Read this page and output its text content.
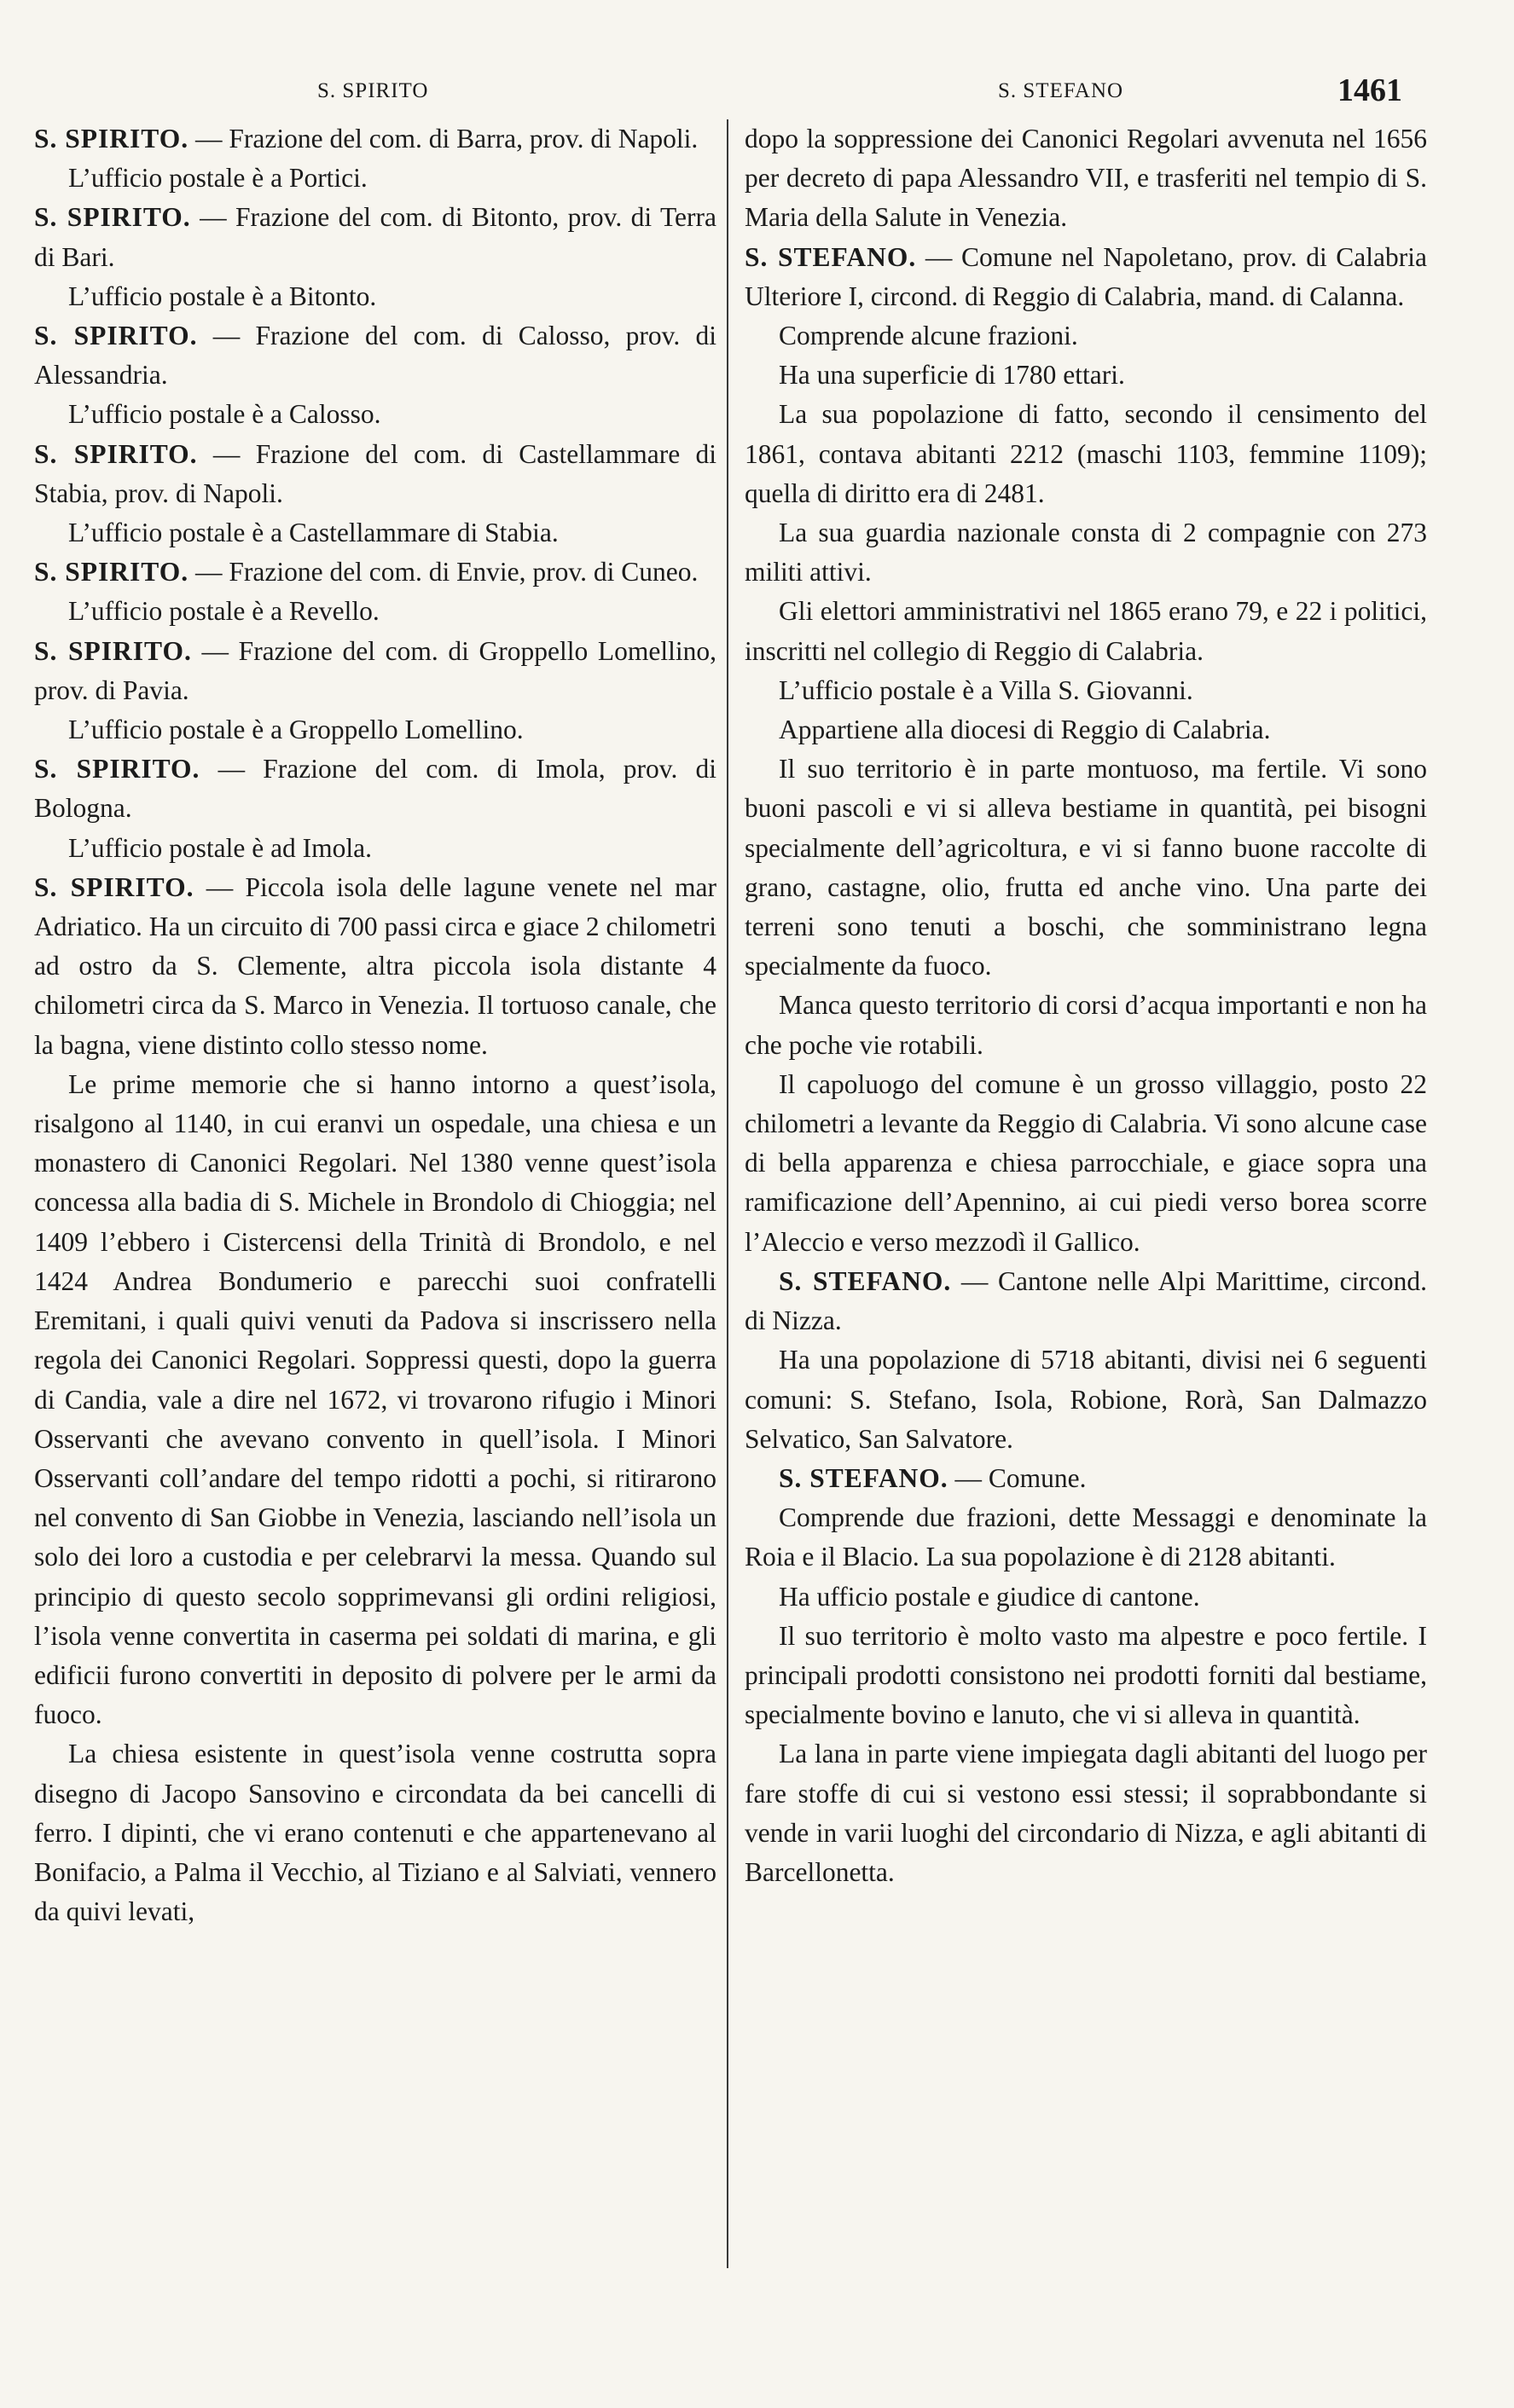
S. SPIRITO	S. STEFANO	1461

S. SPIRITO. — Frazione del com. di Barra, prov. di Napoli.

L’ufficio postale è a Portici.

S. SPIRITO. — Frazione del com. di Bitonto, prov. di Terra di Bari.

L’ufficio postale è a Bitonto.

S. SPIRITO. — Frazione del com. di Calosso, prov. di Alessandria.

L’ufficio postale è a Calosso.

S. SPIRITO. — Frazione del com. di Castellammare di Stabia, prov. di Napoli.

L’ufficio postale è a Castellammare di Stabia.

S. SPIRITO. — Frazione del com. di Envie, prov. di Cuneo.

L’ufficio postale è a Revello.

S. SPIRITO. — Frazione del com. di Groppello Lomellino, prov. di Pavia.

L’ufficio postale è a Groppello Lomellino.

S. SPIRITO. — Frazione del com. di Imola, prov. di Bologna.

L’ufficio postale è ad Imola.

S. SPIRITO. — Piccola isola delle lagune venete nel mar Adriatico. Ha un circuito di 700 passi circa e giace 2 chilometri ad ostro da S. Clemente, altra piccola isola distante 4 chilometri circa da S. Marco in Venezia. Il tortuoso canale, che la bagna, viene distinto collo stesso nome.

Le prime memorie che si hanno intorno a quest’isola, risalgono al 1140, in cui eranvi un ospedale, una chiesa e un monastero di Canonici Regolari. Nel 1380 venne quest’isola concessa alla badia di S. Michele in Brondolo di Chioggia; nel 1409 l’ebbero i Cistercensi della Trinità di Brondolo, e nel 1424 Andrea Bondumerio e parecchi suoi confratelli Eremitani, i quali quivi venuti da Padova si inscrissero nella regola dei Canonici Regolari. Soppressi questi, dopo la guerra di Candia, vale a dire nel 1672, vi trovarono rifugio i Minori Osservanti che avevano convento in quell’isola. I Minori Osservanti coll’andare del tempo ridotti a pochi, si ritirarono nel convento di San Giobbe in Venezia, lasciando nell’isola un solo dei loro a custodia e per celebrarvi la messa. Quando sul principio di questo secolo sopprimevansi gli ordini religiosi, l’isola venne convertita in caserma pei soldati di marina, e gli edificii furono convertiti in deposito di polvere per le armi da fuoco.

La chiesa esistente in quest’isola venne costrutta sopra disegno di Jacopo Sansovino e circondata da bei cancelli di ferro. I dipinti, che vi erano contenuti e che appartenevano al Bonifacio, a Palma il Vecchio, al Tiziano e al Salviati, vennero da quivi levati,

dopo la soppressione dei Canonici Regolari avvenuta nel 1656 per decreto di papa Alessandro VII, e trasferiti nel tempio di S. Maria della Salute in Venezia.

S. STEFANO. — Comune nel Napoletano, prov. di Calabria Ulteriore I, circond. di Reggio di Calabria, mand. di Calanna.

Comprende alcune frazioni.

Ha una superficie di 1780 ettari.

La sua popolazione di fatto, secondo il censimento del 1861, contava abitanti 2212 (maschi 1103, femmine 1109); quella di diritto era di 2481.

La sua guardia nazionale consta di 2 compagnie con 273 militi attivi.

Gli elettori amministrativi nel 1865 erano 79, e 22 i politici, inscritti nel collegio di Reggio di Calabria.

L’ufficio postale è a Villa S. Giovanni.

Appartiene alla diocesi di Reggio di Calabria.

Il suo territorio è in parte montuoso, ma fertile. Vi sono buoni pascoli e vi si alleva bestiame in quantità, pei bisogni specialmente dell’agricoltura, e vi si fanno buone raccolte di grano, castagne, olio, frutta ed anche vino. Una parte dei terreni sono tenuti a boschi, che somministrano legna specialmente da fuoco.

Manca questo territorio di corsi d’acqua importanti e non ha che poche vie rotabili.

Il capoluogo del comune è un grosso villaggio, posto 22 chilometri a levante da Reggio di Calabria. Vi sono alcune case di bella apparenza e chiesa parrocchiale, e giace sopra una ramificazione dell’Apennino, ai cui piedi verso borea scorre l’Aleccio e verso mezzodì il Gallico.

S. STEFANO. — Cantone nelle Alpi Marittime, circond. di Nizza.

Ha una popolazione di 5718 abitanti, divisi nei 6 seguenti comuni: S. Stefano, Isola, Robione, Rorà, San Dalmazzo Selvatico, San Salvatore.

S. STEFANO. — Comune.

Comprende due frazioni, dette Messaggi e denominate la Roia e il Blacio. La sua popolazione è di 2128 abitanti.

Ha ufficio postale e giudice di cantone.

Il suo territorio è molto vasto ma alpestre e poco fertile. I principali prodotti consistono nei prodotti forniti dal bestiame, specialmente bovino e lanuto, che vi si alleva in quantità.

La lana in parte viene impiegata dagli abitanti del luogo per fare stoffe di cui si vestono essi stessi; il soprabbondante si vende in varii luoghi del circondario di Nizza, e agli abitanti di Barcellonetta.
